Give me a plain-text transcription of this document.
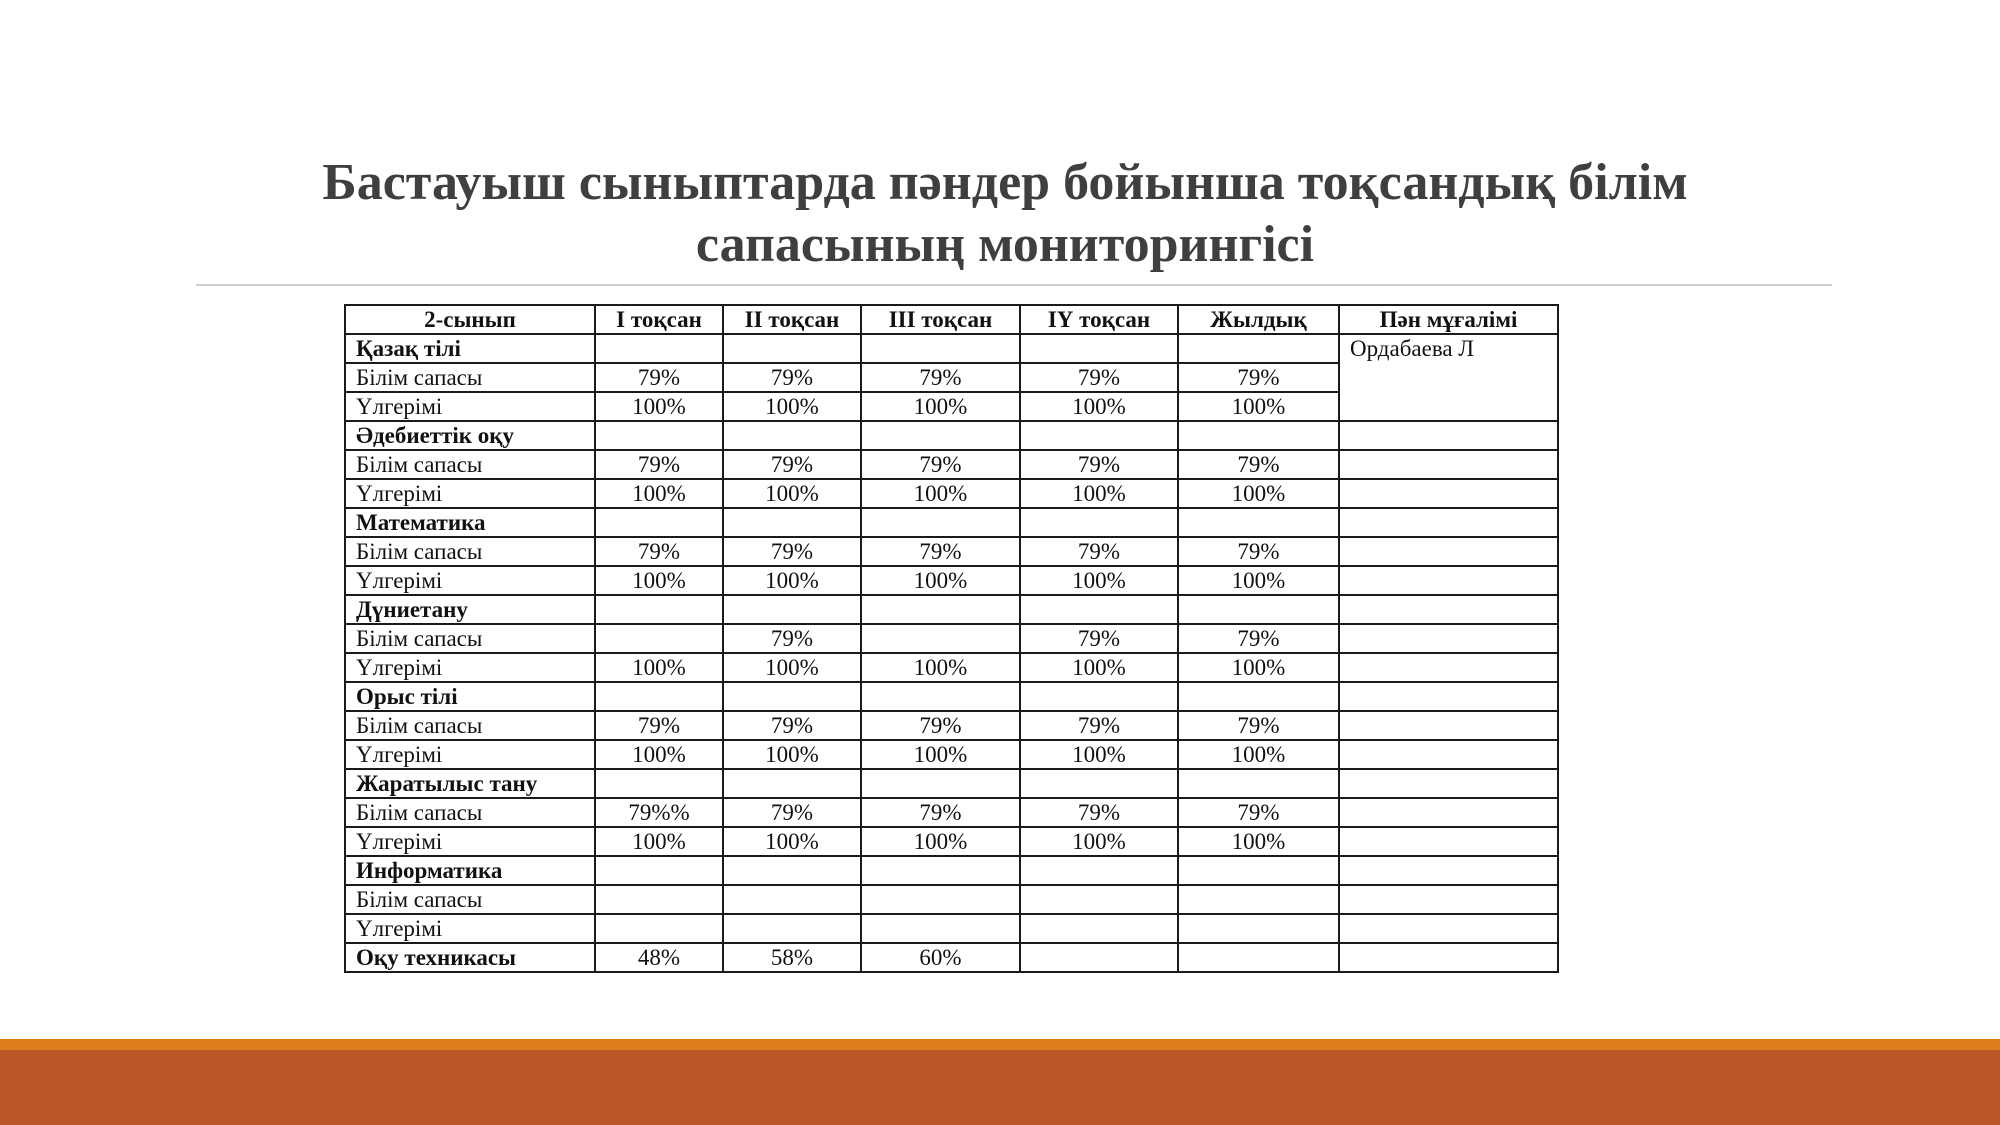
Бастауыш сыныптарда пәндер бойынша тоқсандық білім
сапасының мониторингісі
2-сынып	І тоқсан	ІІ тоқсан	ІІІ тоқсан	ІҮ тоқсан	Жылдық	Пән мұғалімі
Қазақ тілі						Ордабаева Л
Білім сапасы	79%	79%	79%	79%	79%	
Үлгерімі	100%	100%	100%	100%	100%	
Әдебиеттік оқу						
Білім сапасы	79%	79%	79%	79%	79%	
Үлгерімі	100%	100%	100%	100%	100%	
Математика						
Білім сапасы	79%	79%	79%	79%	79%	
Үлгерімі	100%	100%	100%	100%	100%	
Дүниетану						
Білім сапасы		79%		79%	79%	
Үлгерімі	100%	100%	100%	100%	100%	
Орыс тілі						
Білім сапасы	79%	79%	79%	79%	79%	
Үлгерімі	100%	100%	100%	100%	100%	
Жаратылыс тану						
Білім сапасы	79%%	79%	79%	79%	79%	
Үлгерімі	100%	100%	100%	100%	100%	
Информатика						
Білім сапасы						
Үлгерімі						
Оқу техникасы	48%	58%	60%			
